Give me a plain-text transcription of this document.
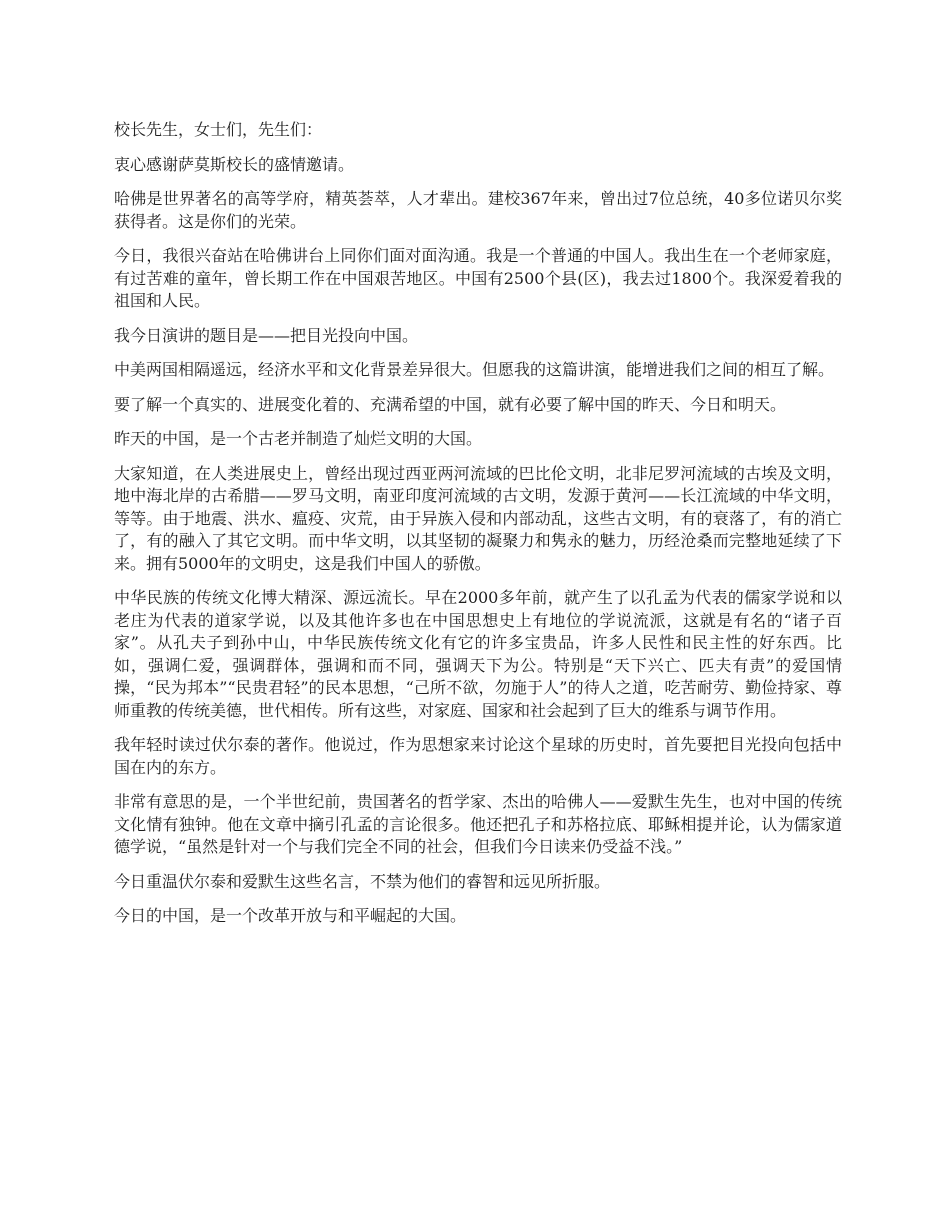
校长先生，女士们，先生们：

衷心感谢萨莫斯校长的盛情邀请。

哈佛是世界著名的高等学府，精英荟萃，人才辈出。建校367年来，曾出过7位总统，40多位诺贝尔奖获得者。这是你们的光荣。

今日，我很兴奋站在哈佛讲台上同你们面对面沟通。我是一个普通的中国人。我出生在一个老师家庭，有过苦难的童年，曾长期工作在中国艰苦地区。中国有2500个县(区)，我去过1800个。我深爱着我的祖国和人民。

我今日演讲的题目是——把目光投向中国。

中美两国相隔遥远，经济水平和文化背景差异很大。但愿我的这篇讲演，能增进我们之间的相互了解。

要了解一个真实的、进展变化着的、充满希望的中国，就有必要了解中国的昨天、今日和明天。

昨天的中国，是一个古老并制造了灿烂文明的大国。

大家知道，在人类进展史上，曾经出现过西亚两河流域的巴比伦文明，北非尼罗河流域的古埃及文明，地中海北岸的古希腊——罗马文明，南亚印度河流域的古文明，发源于黄河——长江流域的中华文明，等等。由于地震、洪水、瘟疫、灾荒，由于异族入侵和内部动乱，这些古文明，有的衰落了，有的消亡了，有的融入了其它文明。而中华文明，以其坚韧的凝聚力和隽永的魅力，历经沧桑而完整地延续了下来。拥有5000年的文明史，这是我们中国人的骄傲。

中华民族的传统文化博大精深、源远流长。早在2000多年前，就产生了以孔孟为代表的儒家学说和以老庄为代表的道家学说，以及其他许多也在中国思想史上有地位的学说流派，这就是有名的“诸子百家”。从孔夫子到孙中山，中华民族传统文化有它的许多宝贵品，许多人民性和民主性的好东西。比如，强调仁爱，强调群体，强调和而不同，强调天下为公。特别是“天下兴亡、匹夫有责”的爱国情操，“民为邦本”“民贵君轻”的民本思想，“己所不欲，勿施于人”的待人之道，吃苦耐劳、勤俭持家、尊师重教的传统美德，世代相传。所有这些，对家庭、国家和社会起到了巨大的维系与调节作用。

我年轻时读过伏尔泰的著作。他说过，作为思想家来讨论这个星球的历史时，首先要把目光投向包括中国在内的东方。

非常有意思的是，一个半世纪前，贵国著名的哲学家、杰出的哈佛人——爱默生先生，也对中国的传统文化情有独钟。他在文章中摘引孔孟的言论很多。他还把孔子和苏格拉底、耶稣相提并论，认为儒家道德学说，“虽然是针对一个与我们完全不同的社会，但我们今日读来仍受益不浅。”

今日重温伏尔泰和爱默生这些名言，不禁为他们的睿智和远见所折服。

今日的中国，是一个改革开放与和平崛起的大国。
